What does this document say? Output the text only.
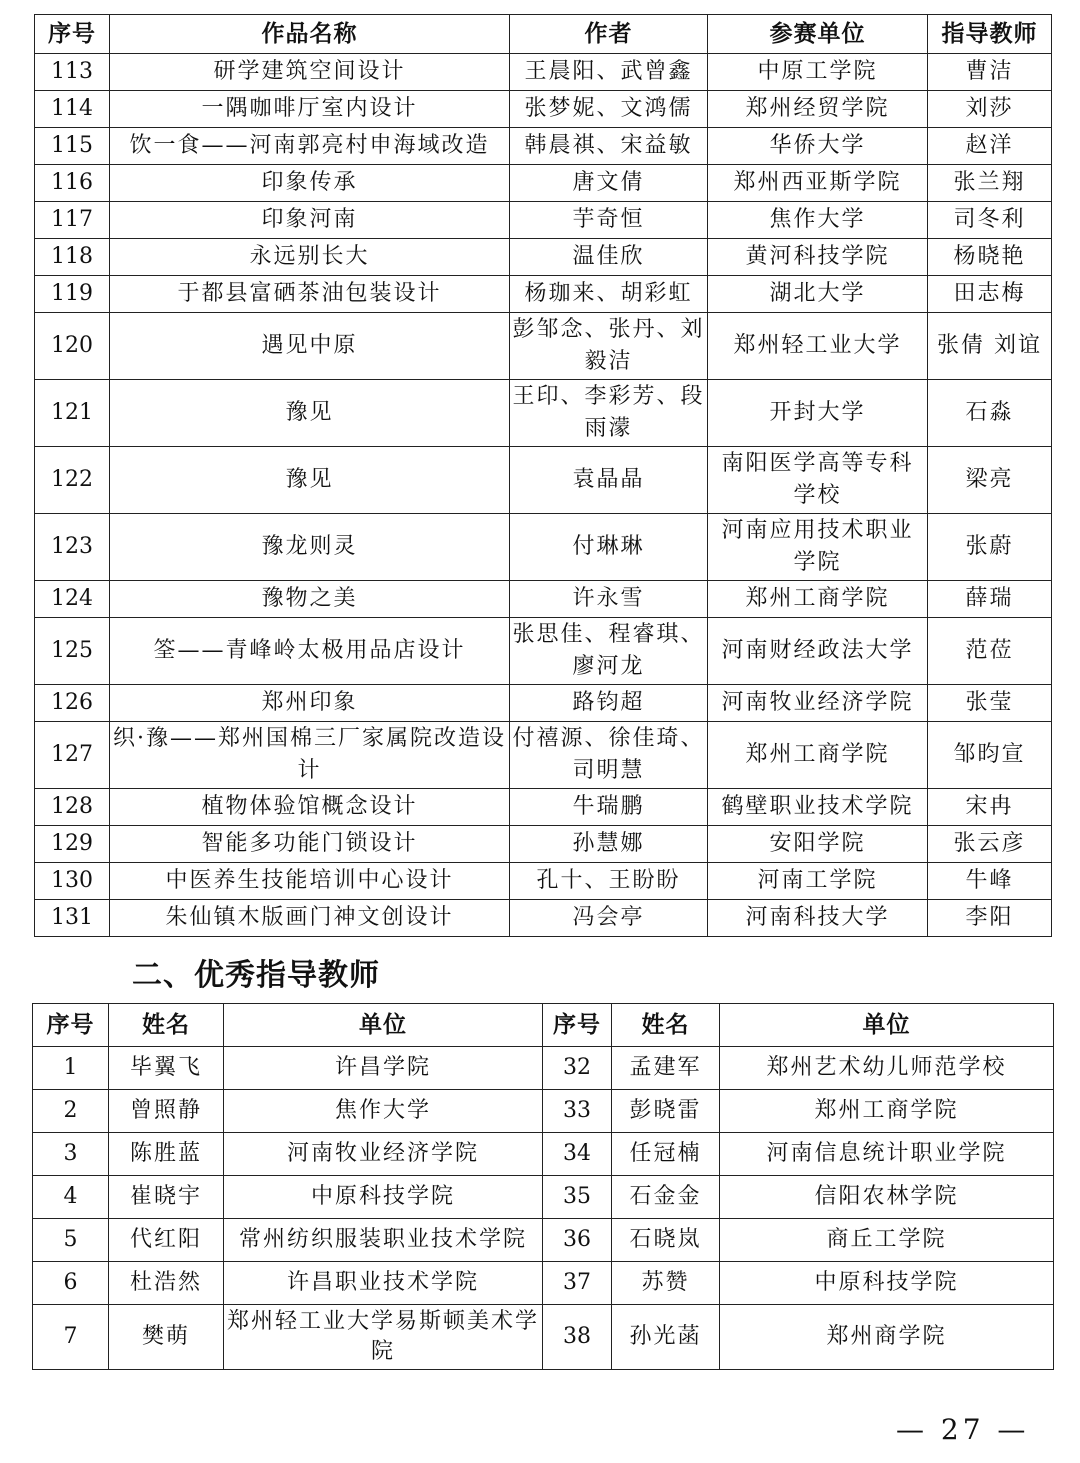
序号	作品名称	作者	参赛单位	指导教师
113	研学建筑空间设计	王晨阳、武曾鑫	中原工学院	曹洁
114	一隅咖啡厅室内设计	张梦妮、文鸿儒	郑州经贸学院	刘莎
115	饮一食——河南郭亮村申海域改造	韩晨祺、宋益敏	华侨大学	赵洋
116	印象传承	唐文倩	郑州西亚斯学院	张兰翔
117	印象河南	芋奇恒	焦作大学	司冬利
118	永远别长大	温佳欣	黄河科技学院	杨晓艳
119	于都县富硒茶油包装设计	杨珈来、胡彩虹	湖北大学	田志梅
120	遇见中原	彭邹念、张丹、刘毅洁	郑州轻工业大学	张倩 刘谊
121	豫见	王印、李彩芳、段雨濛	开封大学	石淼
122	豫见	袁晶晶	南阳医学高等专科学校	梁亮
123	豫龙则灵	付琳琳	河南应用技术职业学院	张蔚
124	豫物之美	许永雪	郑州工商学院	薛瑞
125	筌——青峰岭太极用品店设计	张思佳、程睿琪、廖河龙	河南财经政法大学	范莅
126	郑州印象	路钧超	河南牧业经济学院	张莹
127	织·豫——郑州国棉三厂家属院改造设计	付禧源、徐佳琦、司明慧	郑州工商学院	邹昀宣
128	植物体验馆概念设计	牛瑞鹏	鹤壁职业技术学院	宋冉
129	智能多功能门锁设计	孙慧娜	安阳学院	张云彦
130	中医养生技能培训中心设计	孔十、王盼盼	河南工学院	牛峰
131	朱仙镇木版画门神文创设计	冯会亭	河南科技大学	李阳
二、优秀指导教师
序号	姓名	单位	序号	姓名	单位
1	毕翼飞	许昌学院	32	孟建军	郑州艺术幼儿师范学校
2	曾照静	焦作大学	33	彭晓雷	郑州工商学院
3	陈胜蓝	河南牧业经济学院	34	任冠楠	河南信息统计职业学院
4	崔晓宇	中原科技学院	35	石金金	信阳农林学院
5	代红阳	常州纺织服装职业技术学院	36	石晓岚	商丘工学院
6	杜浩然	许昌职业技术学院	37	苏赞	中原科技学院
7	樊萌	郑州轻工业大学易斯顿美术学院	38	孙光菡	郑州商学院
— 27 —
